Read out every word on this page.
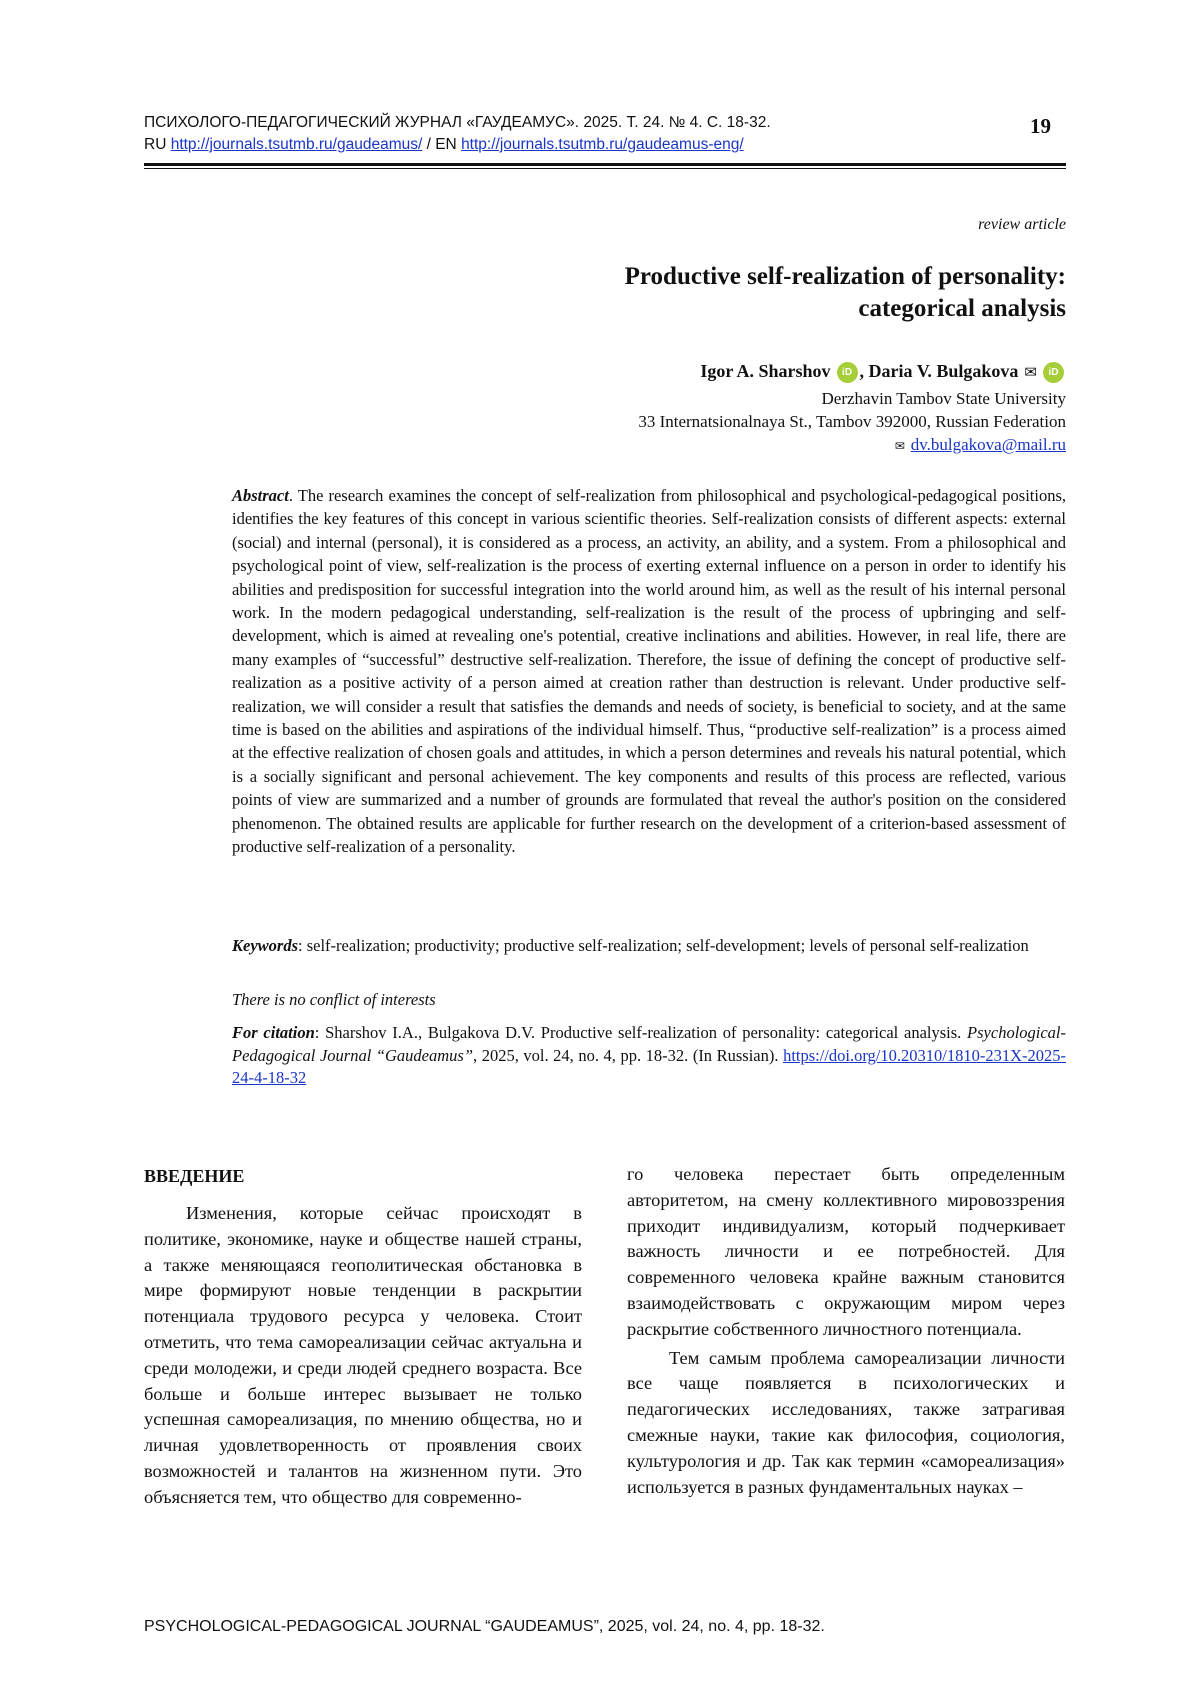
ПСИХОЛОГО-ПЕДАГОГИЧЕСКИЙ ЖУРНАЛ «ГАУДЕАМУС». 2025. Т. 24. № 4. С. 18-32.
RU http://journals.tsutmb.ru/gaudeamus/ / EN http://journals.tsutmb.ru/gaudeamus-eng/
19
review article
Productive self-realization of personality:
categorical analysis
Igor A. Sharshov iD , Daria V. Bulgakova ✉ iD
Derzhavin Tambov State University
33 Internatsionalnaya St., Tambov 392000, Russian Federation
✉ dv.bulgakova@mail.ru
Abstract. The research examines the concept of self-realization from philosophical and psychological-pedagogical positions, identifies the key features of this concept in various scientific theories. Self-realization consists of different aspects: external (social) and internal (personal), it is considered as a process, an activity, an ability, and a system. From a philosophical and psychological point of view, self-realization is the process of exerting external influence on a person in order to identify his abilities and predisposition for successful integration into the world around him, as well as the result of his internal personal work. In the modern pedagogical understanding, self-realization is the result of the process of upbringing and self-development, which is aimed at revealing one's potential, creative inclinations and abilities. However, in real life, there are many examples of “successful” destructive self-realization. Therefore, the issue of defining the concept of productive self-realization as a positive activity of a person aimed at creation rather than destruction is relevant. Under productive self-realization, we will consider a result that satisfies the demands and needs of society, is beneficial to society, and at the same time is based on the abilities and aspirations of the individual himself. Thus, “productive self-realization” is a process aimed at the effective realization of chosen goals and attitudes, in which a person determines and reveals his natural potential, which is a socially significant and personal achievement. The key components and results of this process are reflected, various points of view are summarized and a number of grounds are formulated that reveal the author's position on the considered phenomenon. The obtained results are applicable for further research on the development of a criterion-based assessment of productive self-realization of a personality.
Keywords: self-realization; productivity; productive self-realization; self-development; levels of personal self-realization
There is no conflict of interests
For citation: Sharshov I.A., Bulgakova D.V. Productive self-realization of personality: categorical analysis. Psychological-Pedagogical Journal “Gaudeamus”, 2025, vol. 24, no. 4, pp. 18-32. (In Russian). https://doi.org/10.20310/1810-231X-2025-24-4-18-32
ВВЕДЕНИЕ

Изменения, которые сейчас происходят в политике, экономике, науке и обществе нашей страны, а также меняющаяся геополитическая обстановка в мире формируют новые тенденции в раскрытии потенциала трудового ресурса у человека. Стоит отметить, что тема самореализации сейчас актуальна и среди молодежи, и среди людей среднего возраста. Все больше и больше интерес вызывает не только успешная самореализация, по мнению общества, но и личная удовлетворенность от проявления своих возможностей и талантов на жизненном пути. Это объясняется тем, что общество для современно-

го человека перестает быть определенным авторитетом, на смену коллективного мировоззрения приходит индивидуализм, который подчеркивает важность личности и ее потребностей. Для современного человека крайне важным становится взаимодействовать с окружающим миром через раскрытие собственного личностного потенциала.

Тем самым проблема самореализации личности все чаще появляется в психологических и педагогических исследованиях, также затрагивая смежные науки, такие как философия, социология, культурология и др. Так как термин «самореализация» используется в разных фундаментальных науках –

PSYCHOLOGICAL-PEDAGOGICAL JOURNAL “GAUDEAMUS”, 2025, vol. 24, no. 4, pp. 18-32.
